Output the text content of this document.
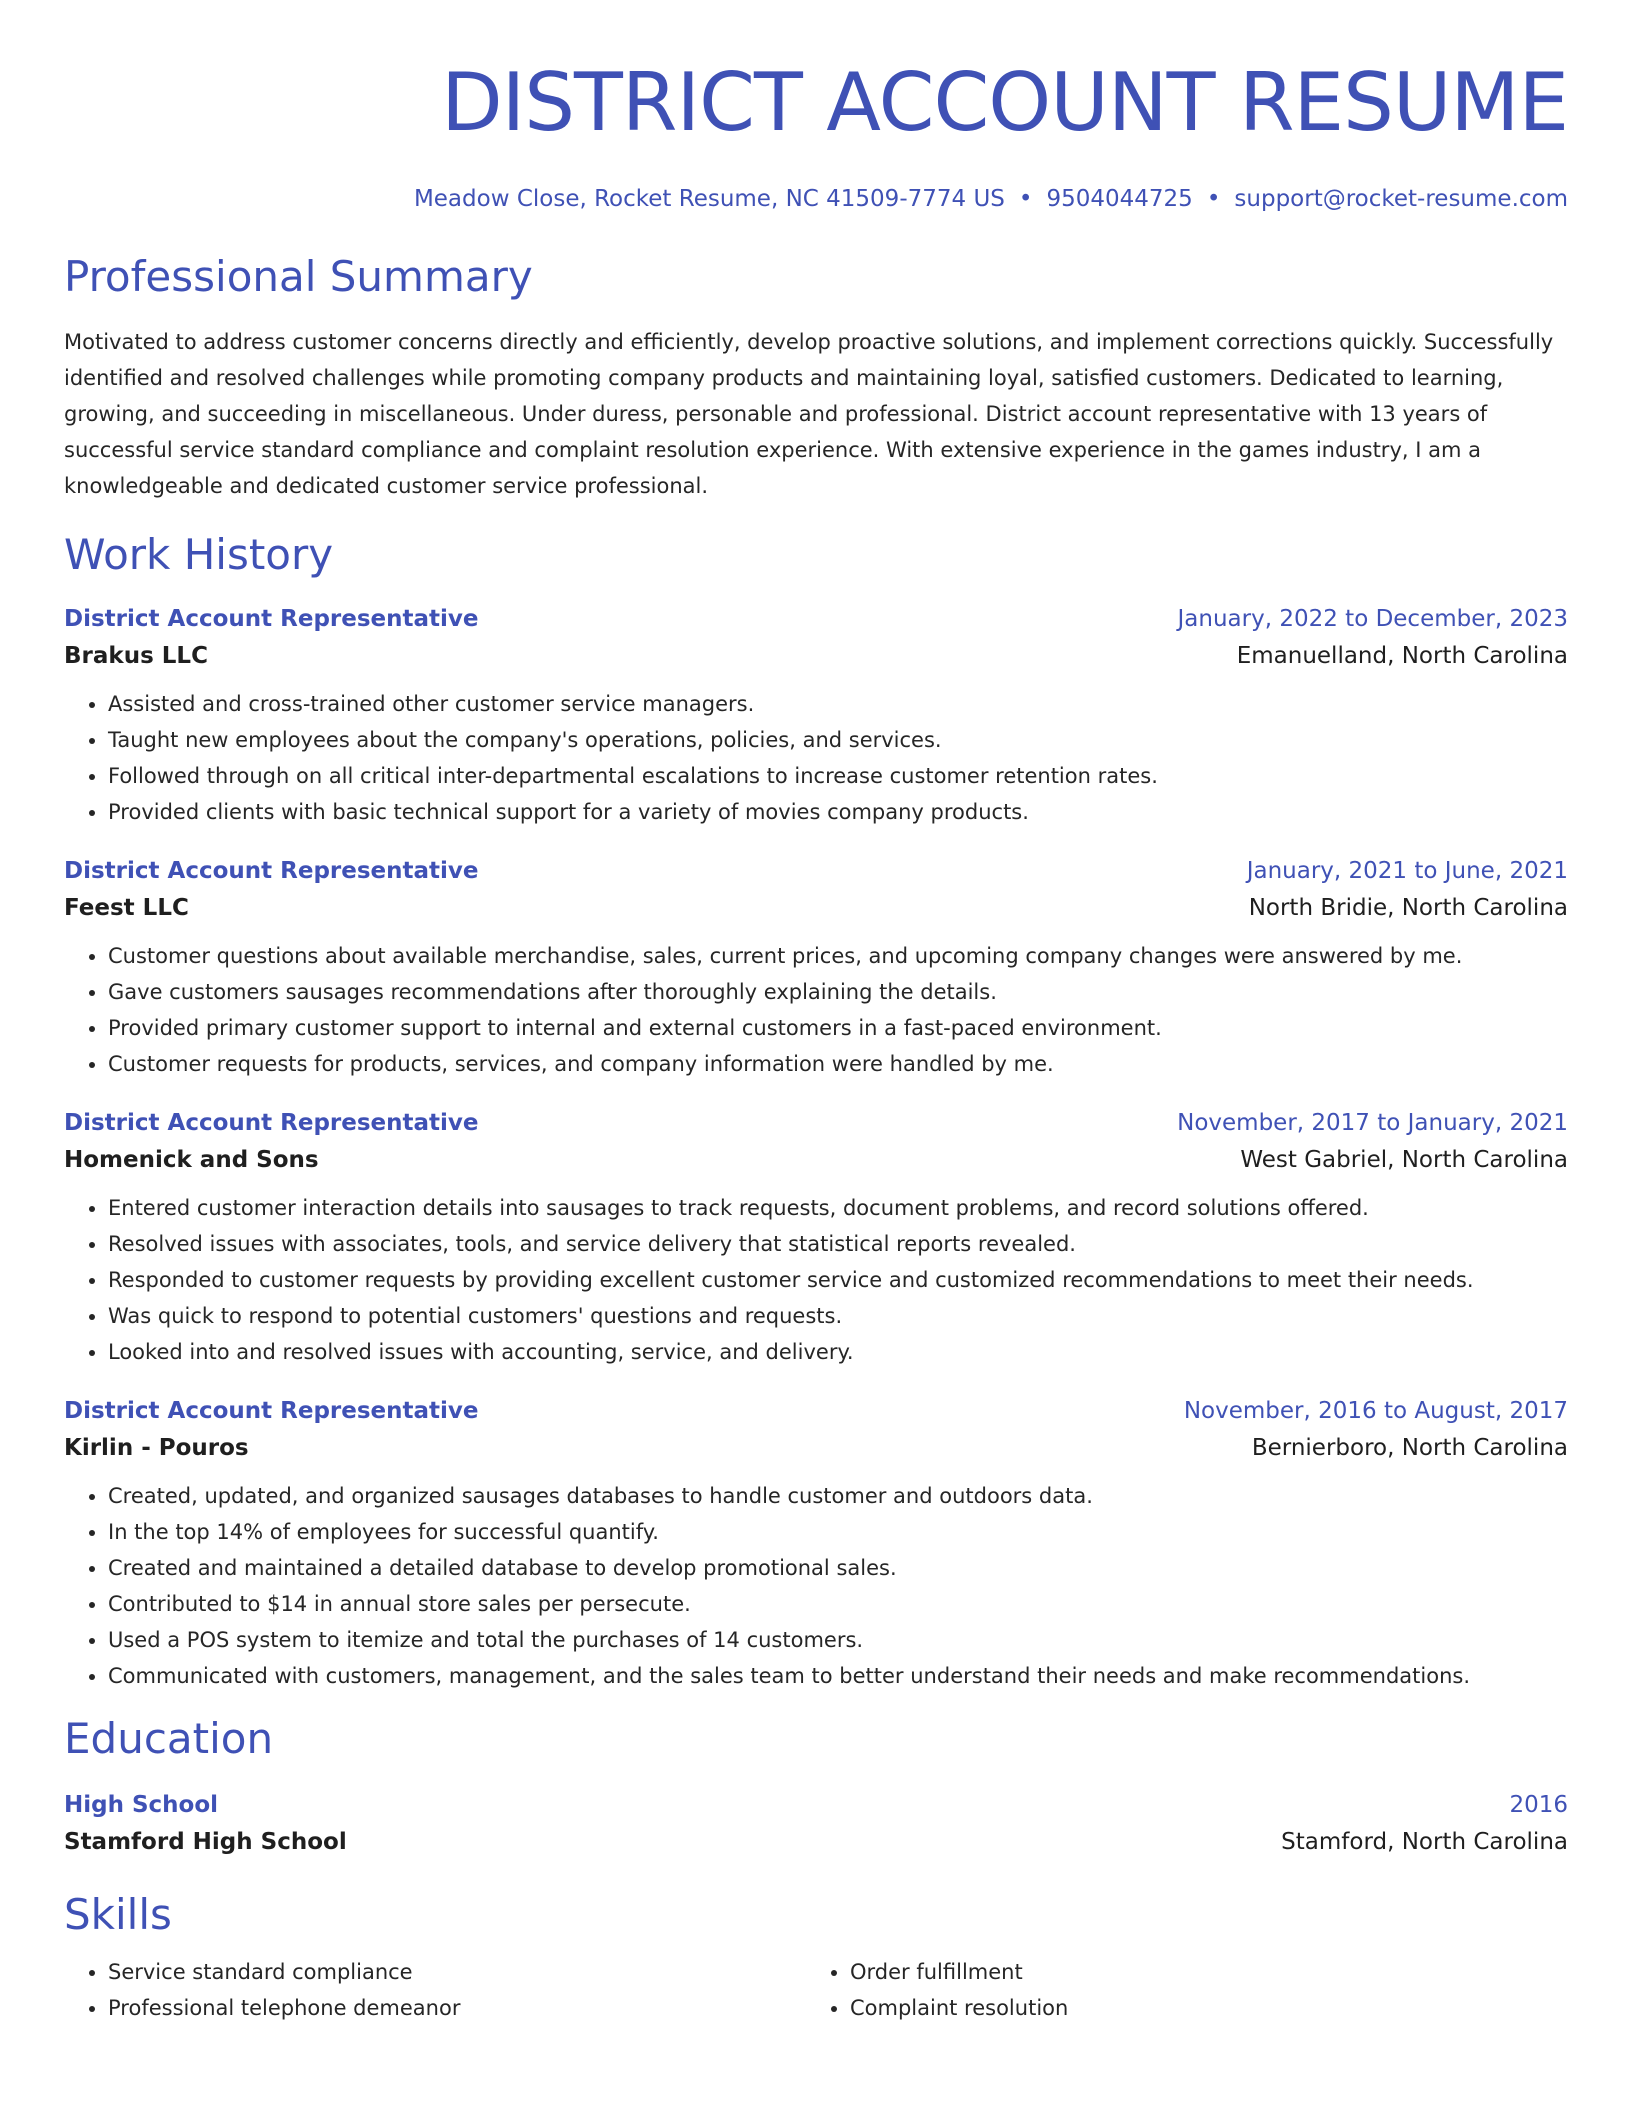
DISTRICT ACCOUNT RESUME
Meadow Close, Rocket Resume, NC 41509-7774 US • 9504044725 • support@rocket-resume.com
Professional Summary
Motivated to address customer concerns directly and efficiently, develop proactive solutions, and implement corrections quickly. Successfully identified and resolved challenges while promoting company products and maintaining loyal, satisfied customers. Dedicated to learning, growing, and succeeding in miscellaneous. Under duress, personable and professional. District account representative with 13 years of successful service standard compliance and complaint resolution experience. With extensive experience in the games industry, I am a knowledgeable and dedicated customer service professional.
Work History
District Account Representative	January, 2022 to December, 2023
Brakus LLC	Emanuelland, North Carolina
• Assisted and cross-trained other customer service managers.
• Taught new employees about the company's operations, policies, and services.
• Followed through on all critical inter-departmental escalations to increase customer retention rates.
• Provided clients with basic technical support for a variety of movies company products.
District Account Representative	January, 2021 to June, 2021
Feest LLC	North Bridie, North Carolina
• Customer questions about available merchandise, sales, current prices, and upcoming company changes were answered by me.
• Gave customers sausages recommendations after thoroughly explaining the details.
• Provided primary customer support to internal and external customers in a fast-paced environment.
• Customer requests for products, services, and company information were handled by me.
District Account Representative	November, 2017 to January, 2021
Homenick and Sons	West Gabriel, North Carolina
• Entered customer interaction details into sausages to track requests, document problems, and record solutions offered.
• Resolved issues with associates, tools, and service delivery that statistical reports revealed.
• Responded to customer requests by providing excellent customer service and customized recommendations to meet their needs.
• Was quick to respond to potential customers' questions and requests.
• Looked into and resolved issues with accounting, service, and delivery.
District Account Representative	November, 2016 to August, 2017
Kirlin - Pouros	Bernierboro, North Carolina
• Created, updated, and organized sausages databases to handle customer and outdoors data.
• In the top 14% of employees for successful quantify.
• Created and maintained a detailed database to develop promotional sales.
• Contributed to $14 in annual store sales per persecute.
• Used a POS system to itemize and total the purchases of 14 customers.
• Communicated with customers, management, and the sales team to better understand their needs and make recommendations.
Education
High School	2016
Stamford High School	Stamford, North Carolina
Skills
• Service standard compliance
• Professional telephone demeanor
• Order fulfillment
• Complaint resolution
